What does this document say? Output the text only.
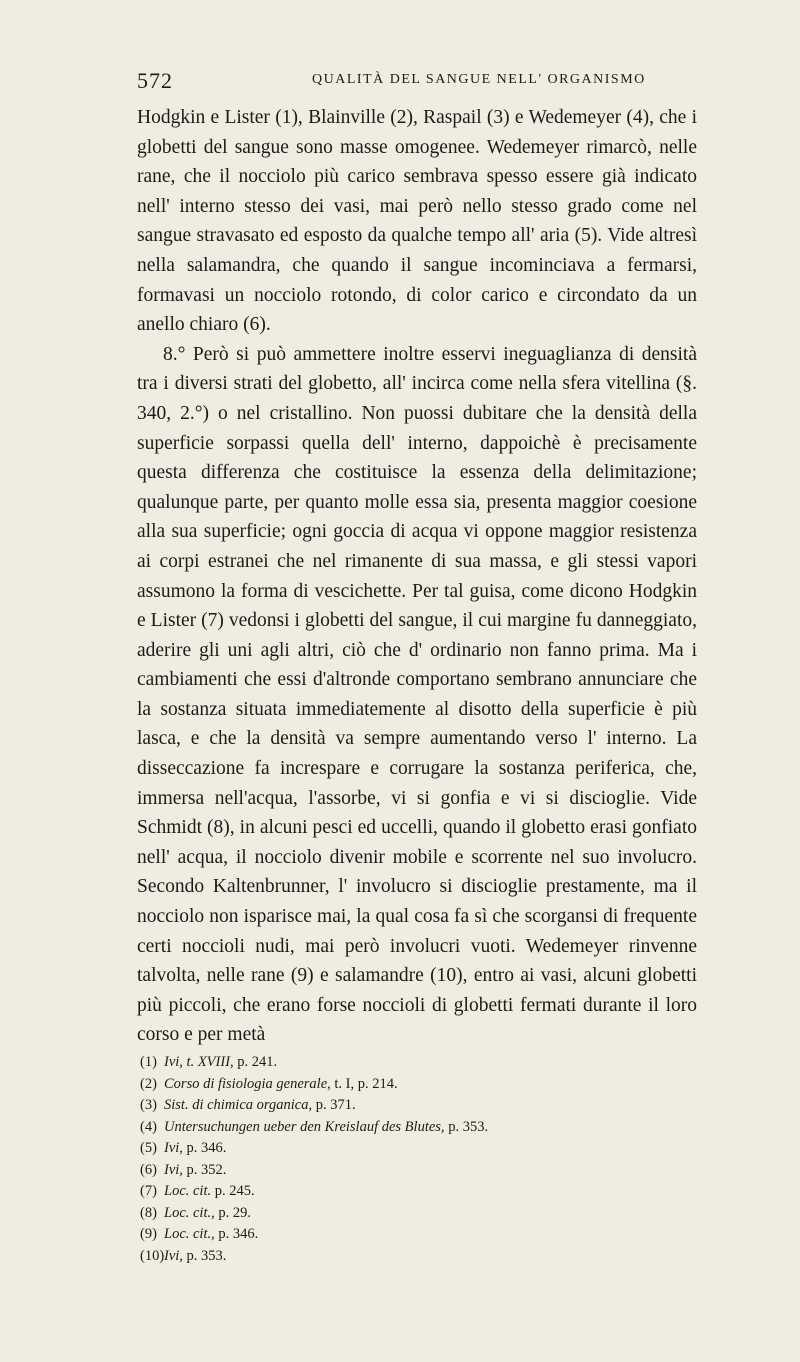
572	QUALITÀ DEL SANGUE NELL' ORGANISMO

Hodgkin e Lister (1), Blainville (2), Raspail (3) e Wedemeyer (4), che i globetti del sangue sono masse omogenee. Wedemeyer rimarcò, nelle rane, che il nocciolo più carico sembrava spesso essere già indicato nell' interno stesso dei vasi, mai però nello stesso grado come nel sangue stravasato ed esposto da qualche tempo all' aria (5). Vide altresì nella salamandra, che quando il sangue incominciava a fermarsi, formavasi un nocciolo rotondo, di color carico e circondato da un anello chiaro (6).

8.° Però si può ammettere inoltre esservi ineguaglianza di densità tra i diversi strati del globetto, all' incirca come nella sfera vitellina (§. 340, 2.°) o nel cristallino. Non puossi dubitare che la densità della superficie sorpassi quella dell' interno, dappoichè è precisamente questa differenza che costituisce la essenza della delimitazione; qualunque parte, per quanto molle essa sia, presenta maggior coesione alla sua superficie; ogni goccia di acqua vi oppone maggior resistenza ai corpi estranei che nel rimanente di sua massa, e gli stessi vapori assumono la forma di vescichette. Per tal guisa, come dicono Hodgkin e Lister (7) vedonsi i globetti del sangue, il cui margine fu danneggiato, aderire gli uni agli altri, ciò che d' ordinario non fanno prima. Ma i cambiamenti che essi d'altronde comportano sembrano annunciare che la sostanza situata immediatemente al disotto della superficie è più lasca, e che la densità va sempre aumentando verso l' interno. La disseccazione fa increspare e corrugare la sostanza periferica, che, immersa nell'acqua, l'assorbe, vi si gonfia e vi si discioglie. Vide Schmidt (8), in alcuni pesci ed uccelli, quando il globetto erasi gonfiato nell' acqua, il nocciolo divenir mobile e scorrente nel suo involucro. Secondo Kaltenbrunner, l' involucro si discioglie prestamente, ma il nocciolo non isparisce mai, la qual cosa fa sì che scorgansi di frequente certi noccioli nudi, mai però involucri vuoti. Wedemeyer rinvenne talvolta, nelle rane (9) e salamandre (10), entro ai vasi, alcuni globetti più piccoli, che erano forse noccioli di globetti fermati durante il loro corso e per metà

(1) Ivi, t. XVIII, p. 241.
(2) Corso di fisiologia generale, t. I, p. 214.
(3) Sist. di chimica organica, p. 371.
(4) Untersuchungen ueber den Kreislauf des Blutes, p. 353.
(5) Ivi, p. 346.
(6) Ivi, p. 352.
(7) Loc. cit. p. 245.
(8) Loc. cit., p. 29.
(9) Loc. cit., p. 346.
(10)Ivi, p. 353.
